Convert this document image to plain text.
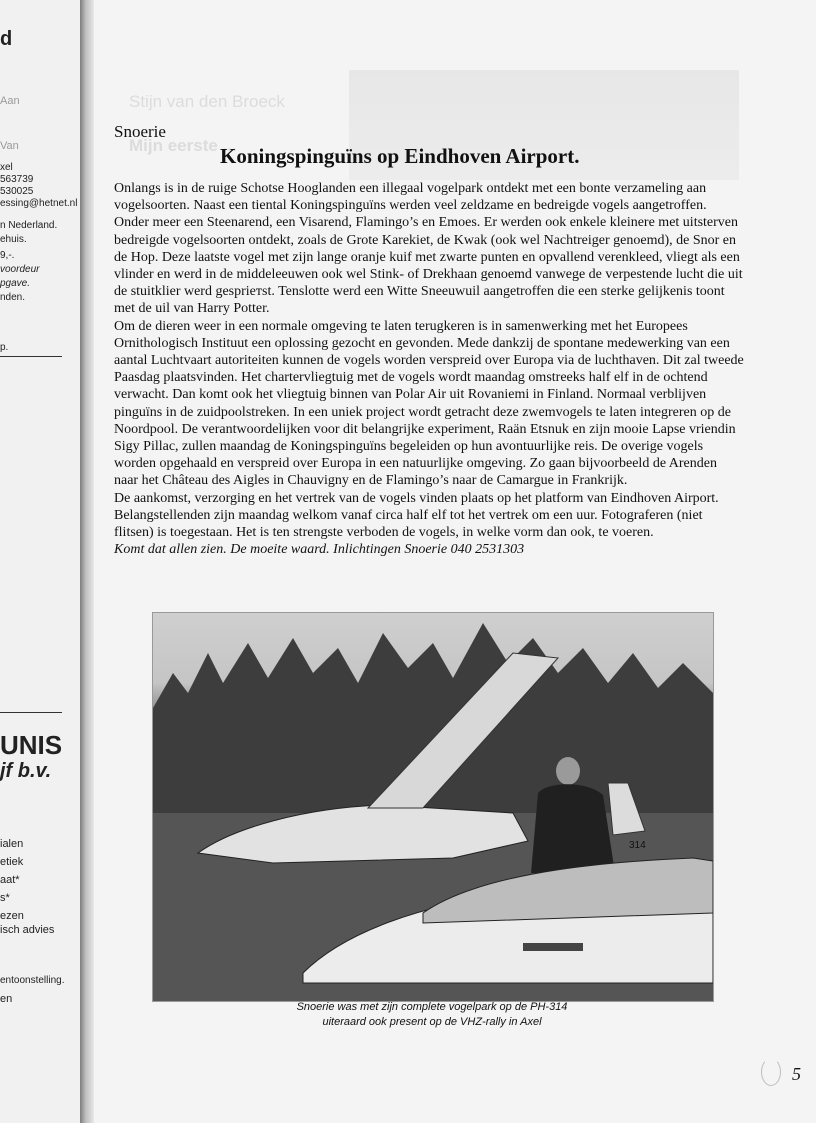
d
Aan
Van
xel
563739
530025
essing@hetnet.nl
n Nederland.
ehuis.
9,-.
voordeur
pgave.
nden.
p.
UNIS
jf b.v.
ialen
etiek
aat*
s*
ezen
isch advies
entoonstelling.
en
Stijn van den Broeck
Mijn eerste ...
Snoerie
Koningspinguïns op Eindhoven Airport.

Onlangs is in de ruige Schotse Hooglanden een illegaal vogelpark ontdekt met een bonte verzameling aan vogelsoorten. Naast een tiental Koningspinguïns werden veel zeldzame en bedreigde vogels aangetroffen. Onder meer een Steenarend, een Visarend, Flamingo’s en Emoes. Er werden ook enkele kleinere met uitsterven bedreigde vogelsoorten ontdekt, zoals de Grote Karekiet, de Kwak (ook wel Nachtreiger genoemd), de Snor en de Hop. Deze laatste vogel met zijn lange oranje kuif met zwarte punten en opvallend verenkleed, vliegt als een vlinder en werd in de middeleeuwen ook wel Stink- of Drekhaan genoemd vanwege de verpestende lucht die uit de stuitklier werd gespriетst. Tenslotte werd een Witte Sneeuwuil aangetroffen die een sterke gelijkenis toont met de uil van Harry Potter.

Om de dieren weer in een normale omgeving te laten terugkeren is in samenwerking met het Europees Ornithologisch Instituut een oplossing gezocht en gevonden. Mede dankzij de spontane medewerking van een aantal Luchtvaart autoriteiten kunnen de vogels worden verspreid over Europa via de luchthaven. Dit zal tweede Paasdag plaatsvinden. Het chartervliegtuig met de vogels wordt maandag omstreeks half elf in de ochtend verwacht. Dan komt ook het vliegtuig binnen van Polar Air uit Rovaniemi in Finland. Normaal verblijven pinguïns in de zuidpoolstreken. In een uniek project wordt getracht deze zwemvogels te laten integreren op de Noordpool. De verantwoordelijken voor dit belangrijke experiment, Raän Etsnuk en zijn mooie Lapse vriendin Sigy Pillac, zullen maandag de Koningspinguïns begeleiden op hun avontuurlijke reis. De overige vogels worden opgehaald en verspreid over Europa in een natuurlijke omgeving. Zo gaan bijvoorbeeld de Arenden naar het Château des Aigles in Chauvigny en de Flamingo’s naar de Camargue in Frankrijk.

De aankomst, verzorging en het vertrek van de vogels vinden plaats op het platform van Eindhoven Airport. Belangstellenden zijn maandag welkom vanaf circa half elf tot het vertrek om een uur. Fotograferen (niet flitsen) is toegestaan. Het is ten strengste verboden de vogels, in welke vorm dan ook, te voeren.

Komt dat allen zien. De moeite waard. Inlichtingen Snoerie 040 2531303

314
Snoerie was met zijn complete vogelpark op de PH-314
uiteraard ook present op de VHZ-rally in Axel
5
